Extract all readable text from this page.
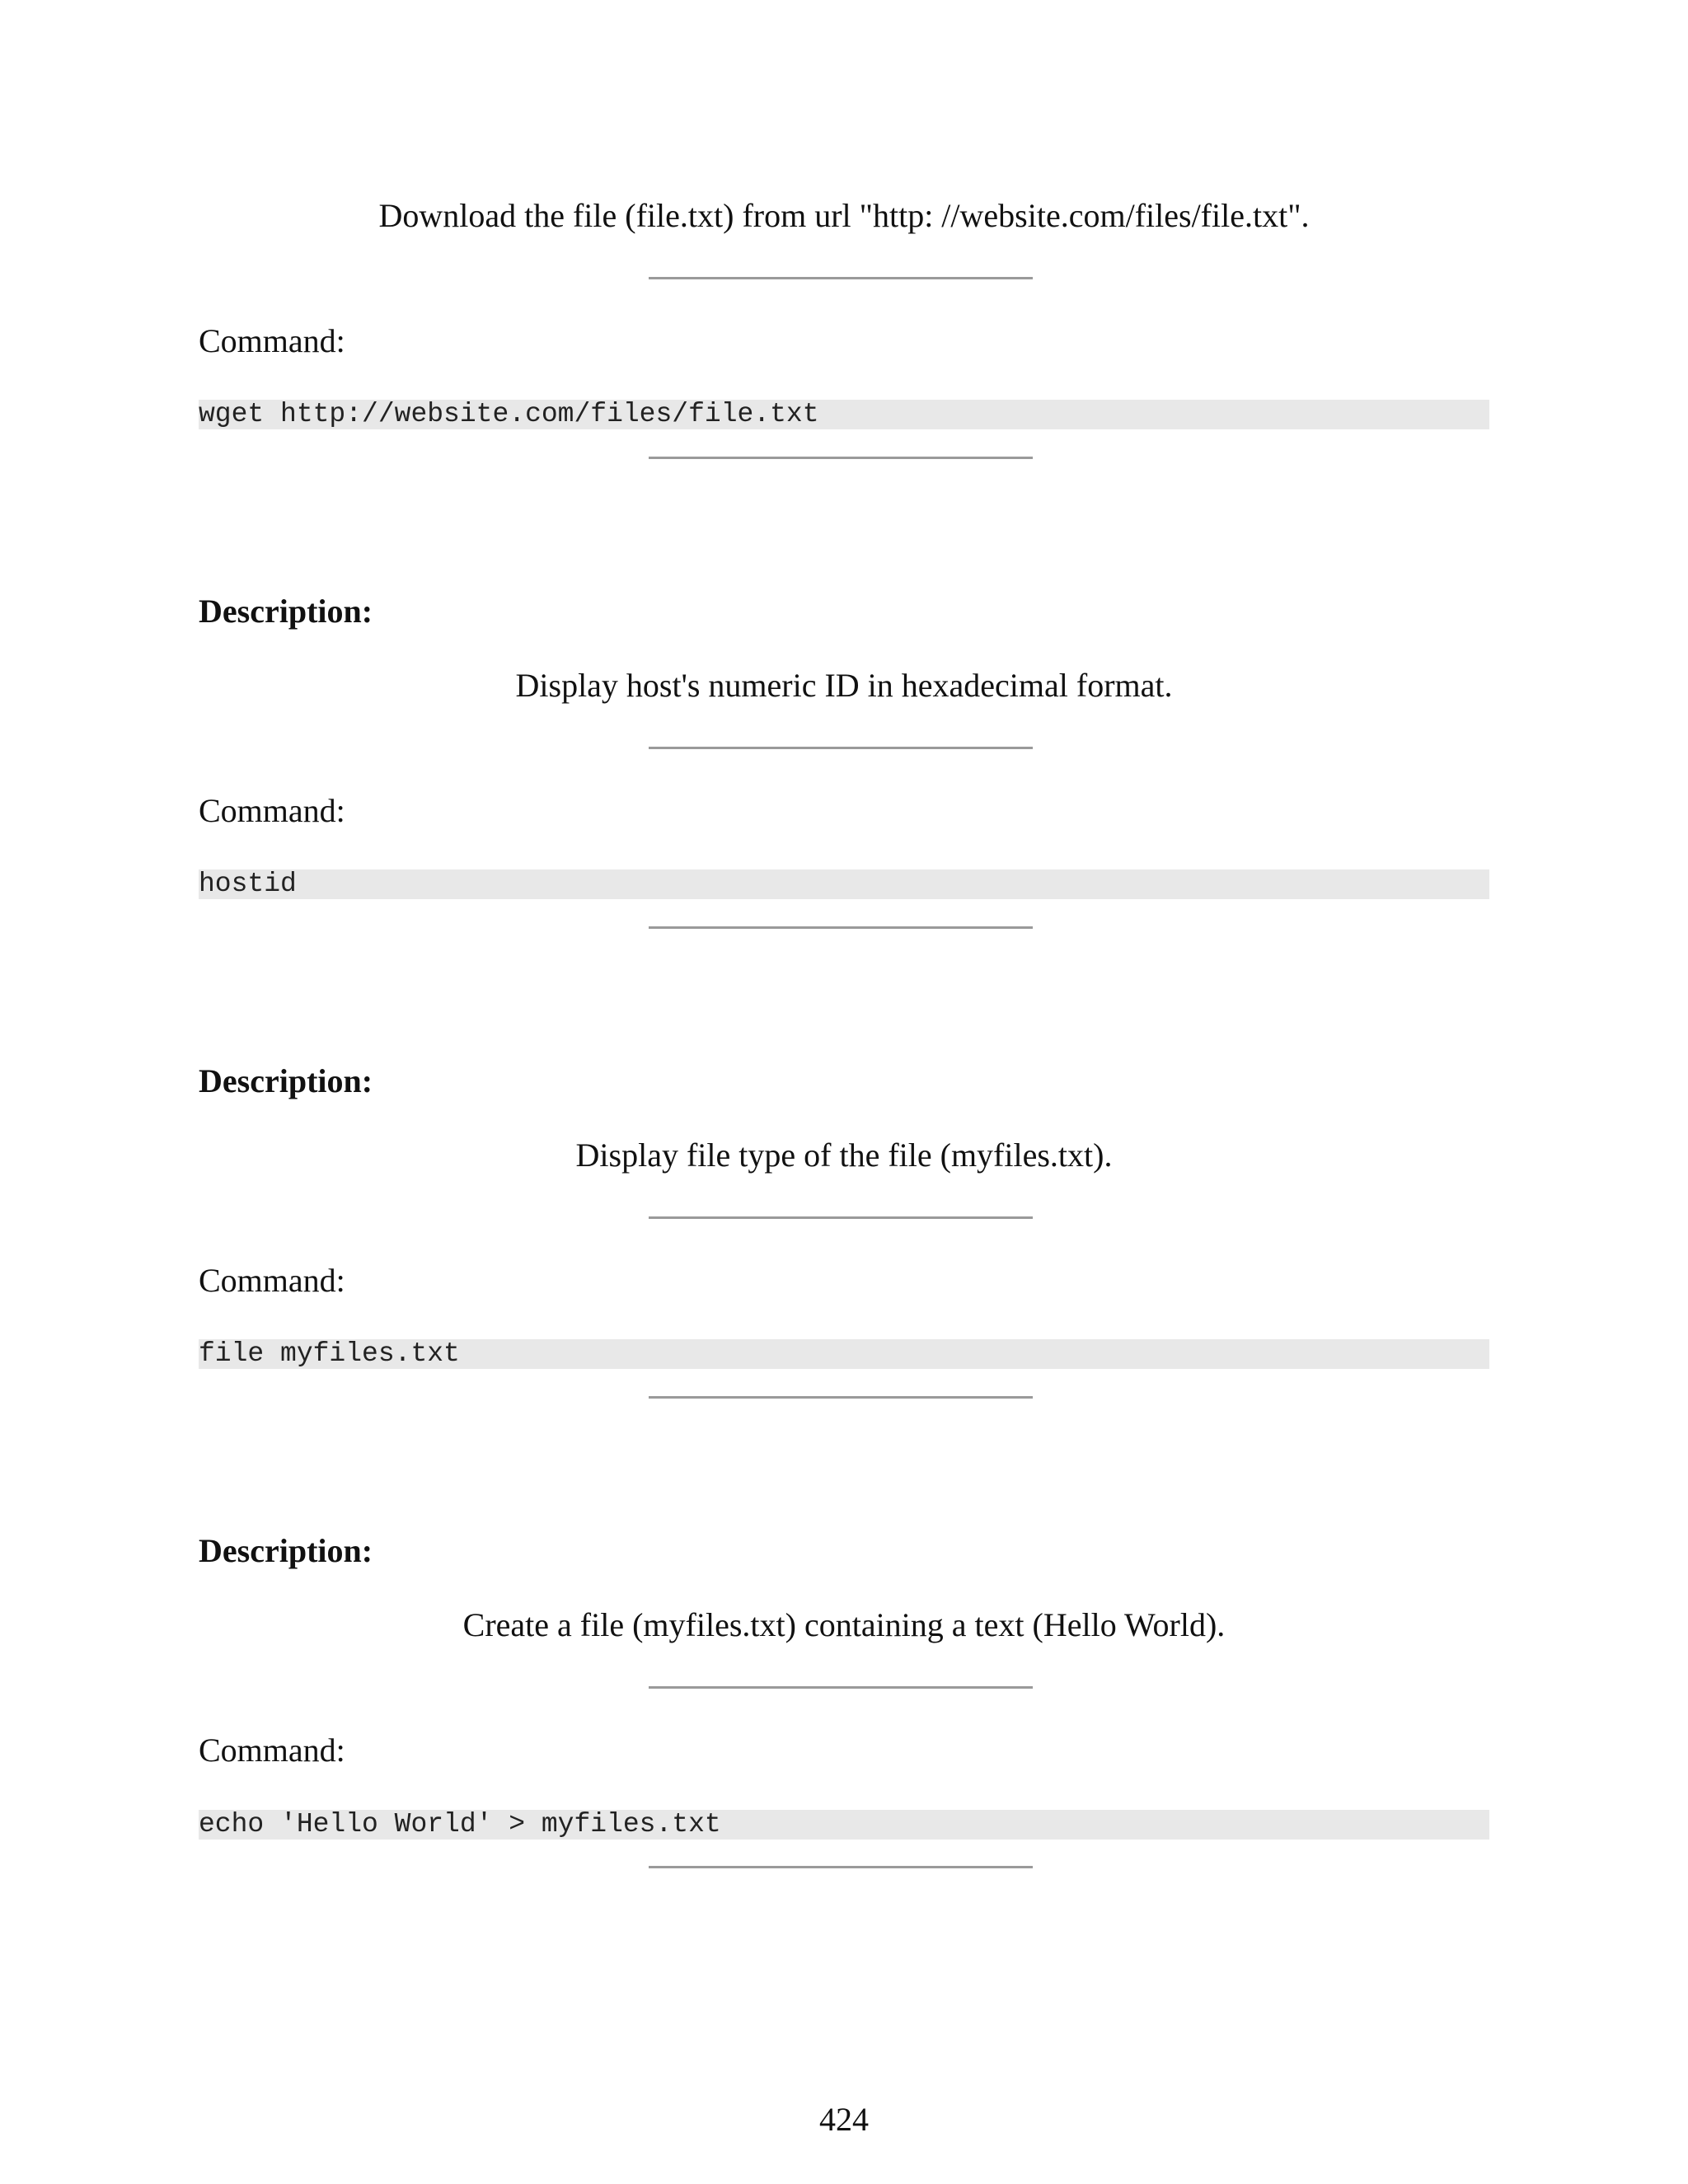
Download the file (file.txt) from url "http: //website.com/files/file.txt".
Command:
wget http://website.com/files/file.txt
Description:
Display host's numeric ID in hexadecimal format.
Command:
hostid
Description:
Display file type of the file (myfiles.txt).
Command:
file myfiles.txt
Description:
Create a file (myfiles.txt) containing a text (Hello World).
Command:
echo 'Hello World' > myfiles.txt
424
